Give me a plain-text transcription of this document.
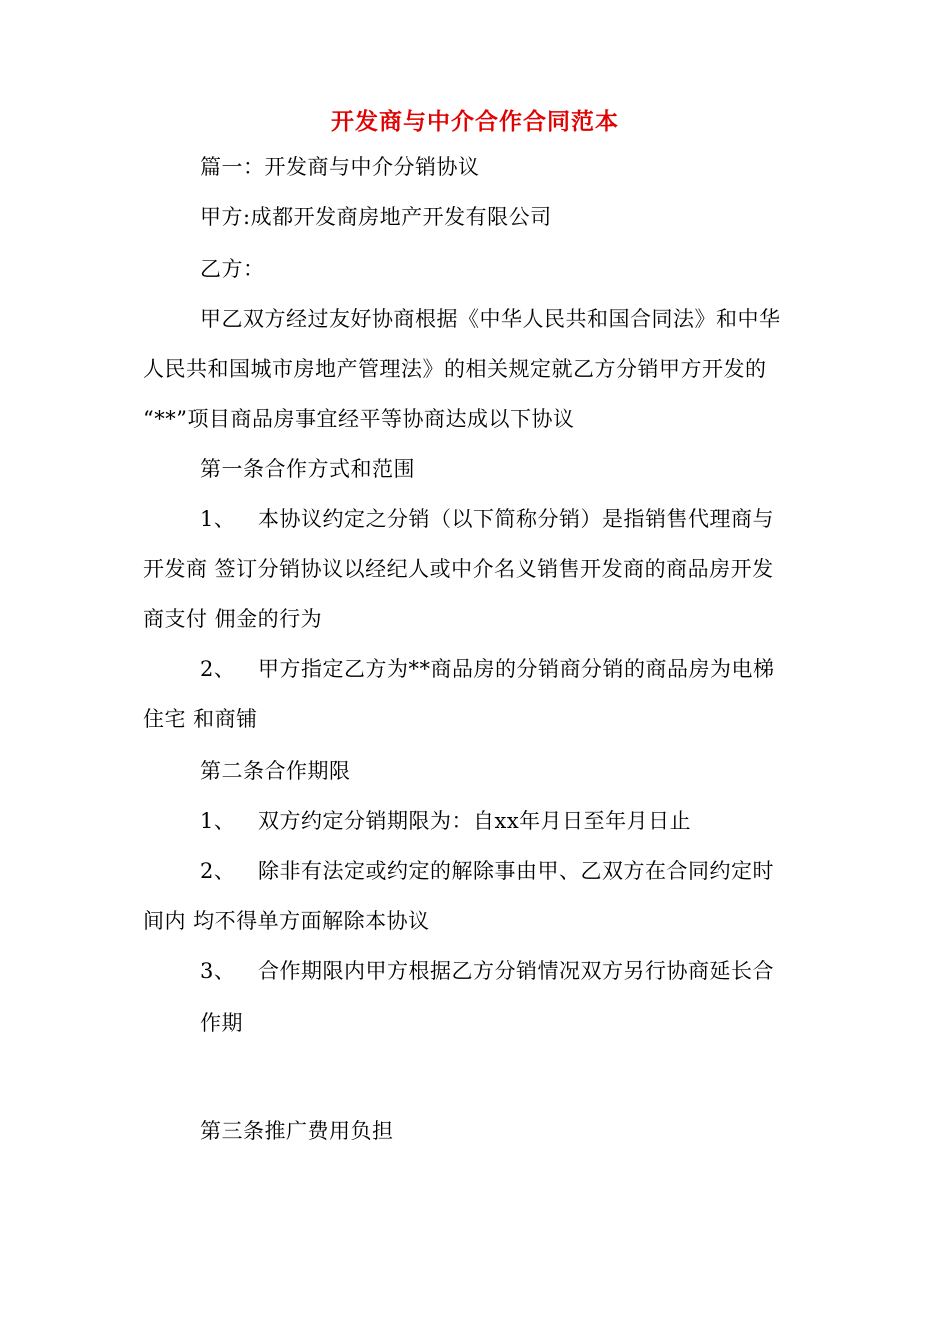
开发商与中介合作合同范本
篇一：开发商与中介分销协议
甲方:成都开发商房地产开发有限公司
乙方：
甲乙双方经过友好协商根据《中华人民共和国合同法》和中华
人民共和国城市房地产管理法》的相关规定就乙方分销甲方开发的
“**”项目商品房事宜经平等协商达成以下协议
第一条合作方式和范围
1、 本协议约定之分销（以下简称分销）是指销售代理商与
开发商 签订分销协议以经纪人或中介名义销售开发商的商品房开发
商支付 佣金的行为
2、 甲方指定乙方为**商品房的分销商分销的商品房为电梯
住宅 和商铺
第二条合作期限
1、 双方约定分销期限为：自xx年月日至年月日止
2、 除非有法定或约定的解除事由甲、乙双方在合同约定时
间内 均不得单方面解除本协议
3、 合作期限内甲方根据乙方分销情况双方另行协商延长合
作期
第三条推广费用负担
